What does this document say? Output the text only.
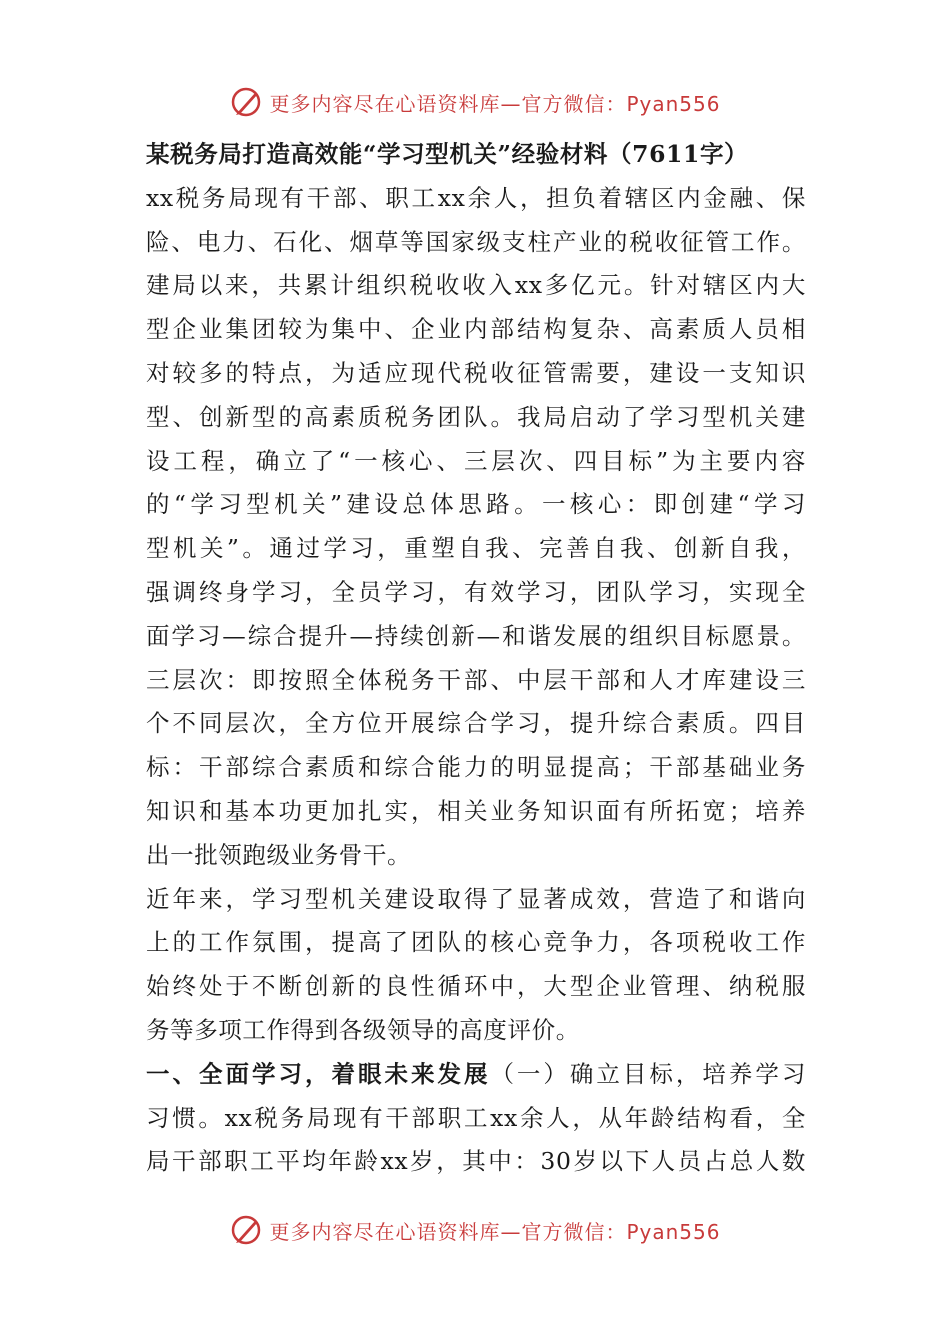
更多内容尽在心语资料库—官方微信：Pyan556
某税务局打造高效能“学习型机关”经验材料（7611字）
xx税务局现有干部、职工xx余人，担负着辖区内金融、保
险、电力、石化、烟草等国家级支柱产业的税收征管工作。
建局以来，共累计组织税收收入xx多亿元。针对辖区内大
型企业集团较为集中、企业内部结构复杂、高素质人员相
对较多的特点，为适应现代税收征管需要，建设一支知识
型、创新型的高素质税务团队。我局启动了学习型机关建
设工程，确立了“一核心、三层次、四目标”为主要内容
的“学习型机关”建设总体思路。一核心：即创建“学习
型机关”。通过学习，重塑自我、完善自我、创新自我，
强调终身学习，全员学习，有效学习，团队学习，实现全
面学习—综合提升—持续创新—和谐发展的组织目标愿景。
三层次：即按照全体税务干部、中层干部和人才库建设三
个不同层次，全方位开展综合学习，提升综合素质。四目
标：干部综合素质和综合能力的明显提高；干部基础业务
知识和基本功更加扎实，相关业务知识面有所拓宽；培养
出一批领跑级业务骨干。
近年来，学习型机关建设取得了显著成效，营造了和谐向
上的工作氛围，提高了团队的核心竞争力，各项税收工作
始终处于不断创新的良性循环中，大型企业管理、纳税服
务等多项工作得到各级领导的高度评价。
一、全面学习，着眼未来发展（一）确立目标，培养学习
习惯。xx税务局现有干部职工xx余人，从年龄结构看，全
局干部职工平均年龄xx岁，其中：30岁以下人员占总人数
更多内容尽在心语资料库—官方微信：Pyan556
